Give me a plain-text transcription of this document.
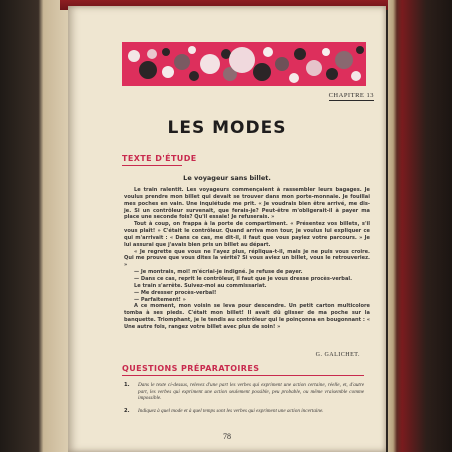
CHAPITRE 13
LES MODES
TEXTE D'ÉTUDE
Le voyageur sans billet.

Le train ralentit. Les voyageurs commençaient à rassembler leurs bagages. Je voulus prendre mon billet qui devait se trouver dans mon porte-monnaie. Je fouillai mes poches en vain. Une inquiétude me prit. « Je voudrais bien être arrivé, me dis-je. Si un contrôleur survenait, que ferais-je? Peut-être m'obligerait-il à payer ma place une seconde fois? Qu'il essaie! Je refuserais. »

Tout à coup, on frappa à la porte de compartiment. « Présentez vos billets, s'il vous plaît! » C'était le contrôleur. Quand arriva mon tour, je voulus lui expliquer ce qui m'arrivait : « Dans ce cas, me dit-il, il faut que vous payiez votre parcours. » Je lui assurai que j'avais bien pris un billet au départ.

« Je regrette que vous ne l'ayez plus, répliqua-t-il, mais je ne puis vous croire. Qui me prouve que vous dites la vérité? Si vous aviez un billet, vous le retrouveriez. »

— Je montrais, moi! m'écriai-je indigné. Je refuse de payer.

— Dans ce cas, reprit le contrôleur, il faut que je vous dresse procès-verbal.

Le train s'arrête. Suivez-moi au commissariat.

— Me dresser procès-verbal!

— Parfaitement! »

A ce moment, mon voisin se leva pour descendre. Un petit carton multicolore tomba à ses pieds. C'était mon billet! Il avait dû glisser de ma poche sur la banquette. Triomphant, je le tendis au contrôleur qui le poinçonna en bougonnant : « Une autre fois, rangez votre billet avec plus de soin! »

G. GALICHET.
QUESTIONS PRÉPARATOIRES
1. Dans le texte ci-dessus, relevez d'une part les verbes qui expriment une action certaine, réelle, et, d'autre part, les verbes qui expriment une action seulement possible, peu probable, ou même vraisemble comme impossible.
2. Indiquez à quel mode et à quel temps sont les verbes qui expriment une action incertaine.
78
